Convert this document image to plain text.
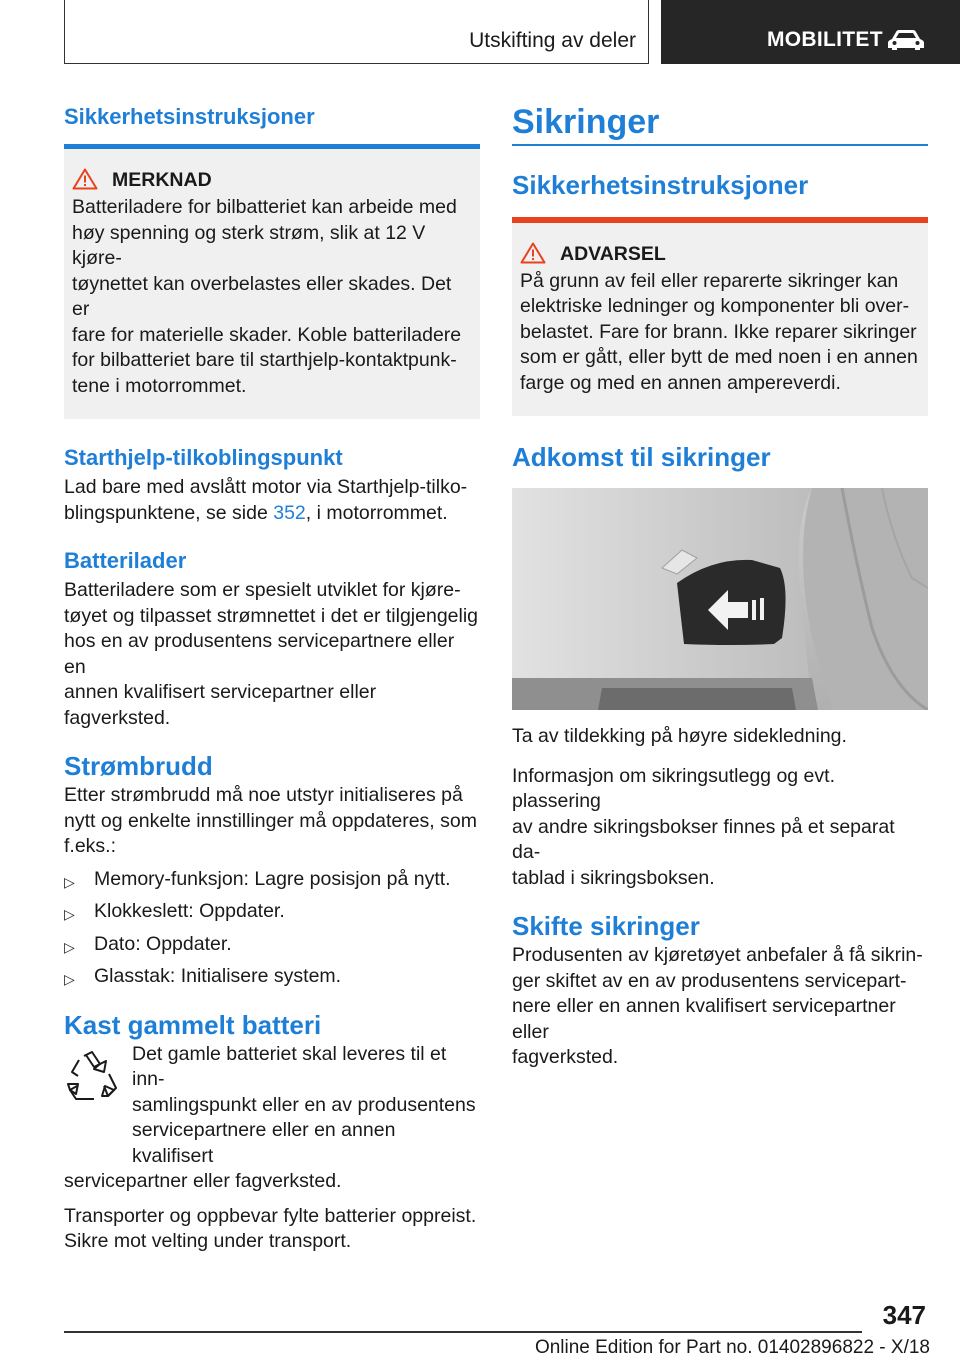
Utskifting av deler	MOBILITET
Sikkerhetsinstruksjoner
MERKNAD

Batteriladere for bilbatteriet kan arbeide med

høy spenning og sterk strøm, slik at 12 V kjøre-

tøynettet kan overbelastes eller skades. Det er

fare for materielle skader. Koble batteriladere

for bilbatteriet bare til starthjelp-kontaktpunk-

tene i motorrommet.

Starthjelp-tilkoblingspunkt

Lad bare med avslått motor via Starthjelp-tilko-

blingspunktene, se side 352, i motorrommet.

Batterilader

Batteriladere som er spesielt utviklet for kjøre-

tøyet og tilpasset strømnettet i det er tilgjengelig

hos en av produsentens servicepartnere eller en

annen kvalifisert servicepartner eller fagverksted.

Strømbrudd

Etter strømbrudd må noe utstyr initialiseres på

nytt og enkelte innstillinger må oppdateres, som

f.eks.:

▷ Memory-funksjon: Lagre posisjon på nytt.
▷ Klokkeslett: Oppdater.
▷ Dato: Oppdater.
▷ Glasstak: Initialisere system.
Kast gammelt batteri

Det gamle batteriet skal leveres til et inn-

samlingspunkt eller en av produsentens

servicepartnere eller en annen kvalifisert

servicepartner eller fagverksted.

Transporter og oppbevar fylte batterier oppreist.

Sikre mot velting under transport.

Sikringer
Sikkerhetsinstruksjoner
ADVARSEL

På grunn av feil eller reparerte sikringer kan

elektriske ledninger og komponenter bli over-

belastet. Fare for brann. Ikke reparer sikringer

som er gått, eller bytt de med noen i en annen

farge og med en annen ampereverdi.

Adkomst til sikringer

Ta av tildekking på høyre sidekledning.

Informasjon om sikringsutlegg og evt. plassering

av andre sikringsbokser finnes på et separat da-

tablad i sikringsboksen.

Skifte sikringer

Produsenten av kjøretøyet anbefaler å få sikrin-

ger skiftet av en av produsentens servicepart-

nere eller en annen kvalifisert servicepartner eller

fagverksted.

347
Online Edition for Part no. 01402896822 - X/18
